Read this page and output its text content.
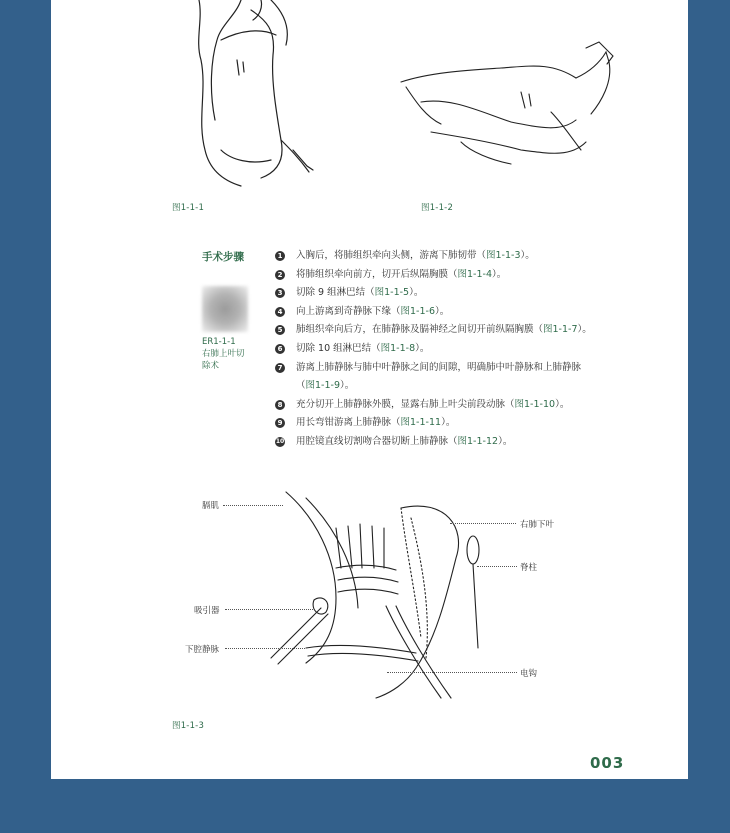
图1-1-1	图1-1-2
手术步骤
ER1-1-1
右肺上叶切
除术
1 入胸后，将肺组织牵向头侧，游离下肺韧带（图1-1-3）。
2 将肺组织牵向前方，切开后纵隔胸膜（图1-1-4）。
3 切除 9 组淋巴结（图1-1-5）。
4 向上游离到奇静脉下缘（图1-1-6）。
5 肺组织牵向后方，在肺静脉及膈神经之间切开前纵隔胸膜（图1-1-7）。
6 切除 10 组淋巴结（图1-1-8）。
7 游离上肺静脉与肺中叶静脉之间的间隙，明确肺中叶静脉和上肺静脉
（图1-1-9）。
8 充分切开上肺静脉外膜，显露右肺上叶尖前段动脉（图1-1-10）。
9 用长弯钳游离上肺静脉（图1-1-11）。
10 用腔镜直线切割吻合器切断上肺静脉（图1-1-12）。
膈肌
右肺下叶
脊柱
吸引器
下腔静脉
电钩
图1-1-3
003
